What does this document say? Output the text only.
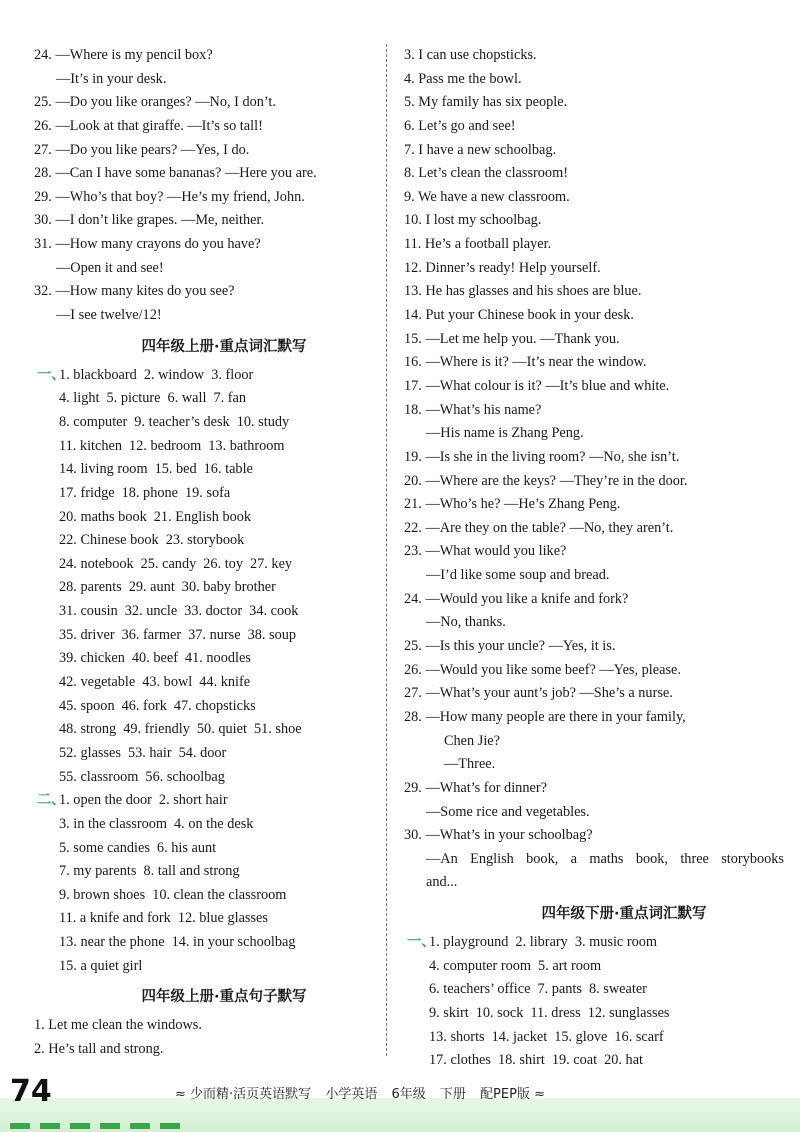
24. —Where is my pencil box?
—It’s in your desk.
25. —Do you like oranges? —No, I don’t.
26. —Look at that giraffe. —It’s so tall!
27. —Do you like pears? —Yes, I do.
28. —Can I have some bananas? —Here you are.
29. —Who’s that boy? —He’s my friend, John.
30. —I don’t like grapes. —Me, neither.
31. —How many crayons do you have?
—Open it and see!
32. —How many kites do you see?
—I see twelve/12!
四年级上册·重点词汇默写
一、
1. blackboard 2. window 3. floor
4. light 5. picture 6. wall 7. fan
8. computer 9. teacher’s desk 10. study
11. kitchen 12. bedroom 13. bathroom
14. living room 15. bed 16. table
17. fridge 18. phone 19. sofa
20. maths book 21. English book
22. Chinese book 23. storybook
24. notebook 25. candy 26. toy 27. key
28. parents 29. aunt 30. baby brother
31. cousin 32. uncle 33. doctor 34. cook
35. driver 36. farmer 37. nurse 38. soup
39. chicken 40. beef 41. noodles
42. vegetable 43. bowl 44. knife
45. spoon 46. fork 47. chopsticks
48. strong 49. friendly 50. quiet 51. shoe
52. glasses 53. hair 54. door
55. classroom 56. schoolbag
二、
1. open the door 2. short hair
3. in the classroom 4. on the desk
5. some candies 6. his aunt
7. my parents 8. tall and strong
9. brown shoes 10. clean the classroom
11. a knife and fork 12. blue glasses
13. near the phone 14. in your schoolbag
15. a quiet girl
四年级上册·重点句子默写
1. Let me clean the windows.
2. He’s tall and strong.
3. I can use chopsticks.
4. Pass me the bowl.
5. My family has six people.
6. Let’s go and see!
7. I have a new schoolbag.
8. Let’s clean the classroom!
9. We have a new classroom.
10. I lost my schoolbag.
11. He’s a football player.
12. Dinner’s ready! Help yourself.
13. He has glasses and his shoes are blue.
14. Put your Chinese book in your desk.
15. —Let me help you. —Thank you.
16. —Where is it? —It’s near the window.
17. —What colour is it? —It’s blue and white.
18. —What’s his name?
—His name is Zhang Peng.
19. —Is she in the living room? —No, she isn’t.
20. —Where are the keys? —They’re in the door.
21. —Who’s he? —He’s Zhang Peng.
22. —Are they on the table? —No, they aren’t.
23. —What would you like?
—I’d like some soup and bread.
24. —Would you like a knife and fork?
—No, thanks.
25. —Is this your uncle? —Yes, it is.
26. —Would you like some beef? —Yes, please.
27. —What’s your aunt’s job? —She’s a nurse.
28. —How many people are there in your family,
Chen Jie?
—Three.
29. —What’s for dinner?
—Some rice and vegetables.
30. —What’s in your schoolbag?
—An English book, a maths book, three storybooks and...
四年级下册·重点词汇默写
一、
1. playground 2. library 3. music room
4. computer room 5. art room
6. teachers’ office 7. pants 8. sweater
9. skirt 10. sock 11. dress 12. sunglasses
13. shorts 14. jacket 15. glove 16. scarf
17. clothes 18. shirt 19. coat 20. hat
74	≈ 少而精·活页英语默写 小学英语 6年级 下册 配PEP版 ≈
